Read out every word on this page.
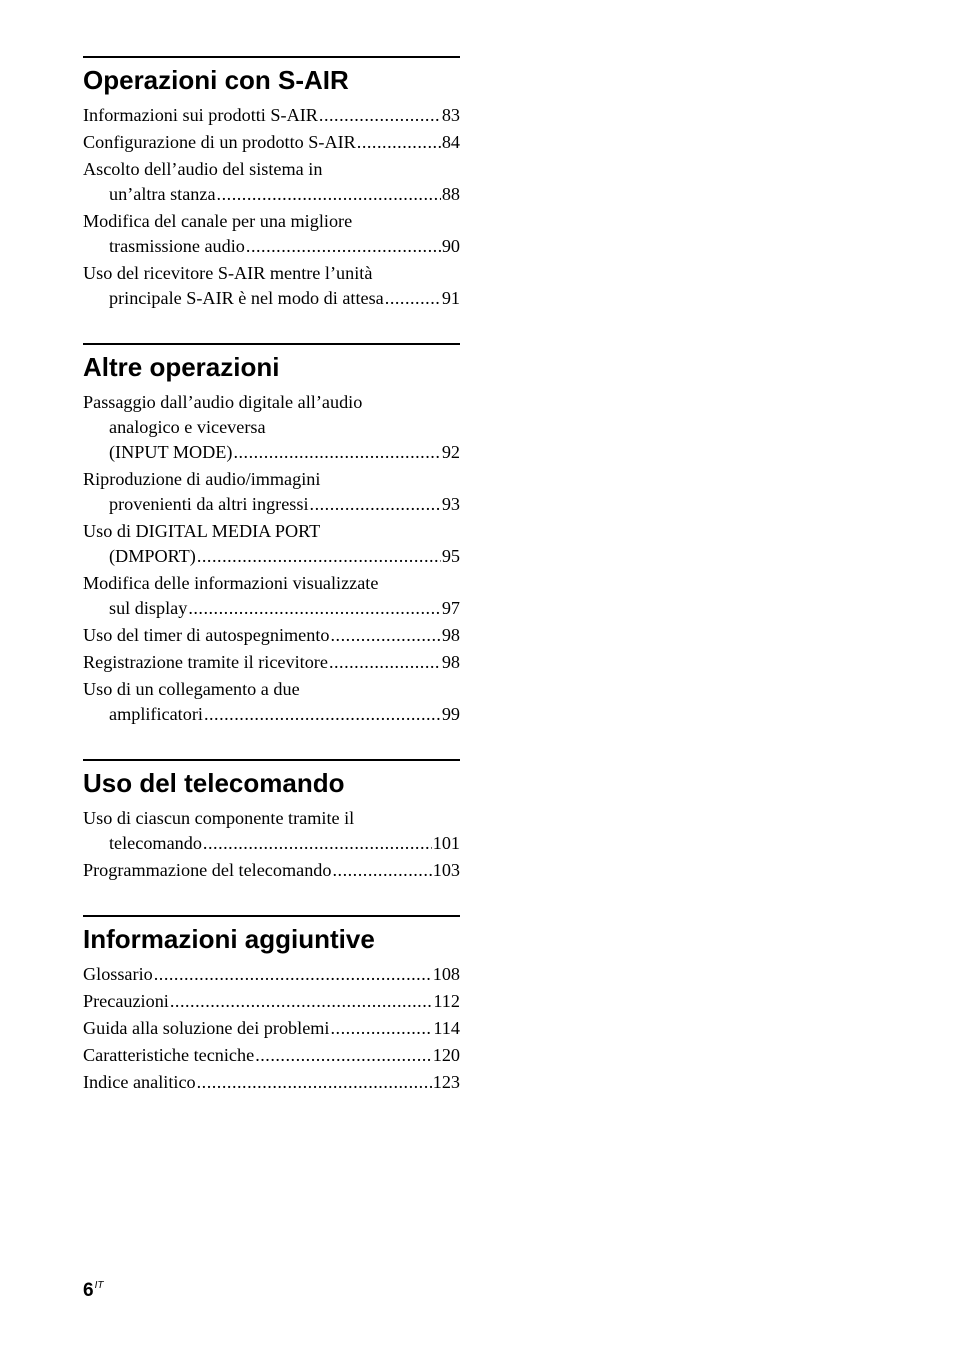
Operazioni con S-AIR
Informazioni sui prodotti S-AIR .....	83
Configurazione di un prodotto S-AIR .....	84
Ascolto dell’audio del sistema in
un’altra stanza .....	88
Modifica del canale per una migliore
trasmissione audio .....	90
Uso del ricevitore S-AIR mentre l’unità
principale S-AIR è nel modo di attesa .....	91
Altre operazioni
Passaggio dall’audio digitale all’audio
analogico e viceversa
(INPUT MODE) .....	92
Riproduzione di audio/immagini
provenienti da altri ingressi .....	93
Uso di DIGITAL MEDIA PORT
(DMPORT) .....	95
Modifica delle informazioni visualizzate
sul display .....	97
Uso del timer di autospegnimento .....	98
Registrazione tramite il ricevitore .....	98
Uso di un collegamento a due
amplificatori .....	99
Uso del telecomando
Uso di ciascun componente tramite il
telecomando .....	101
Programmazione del telecomando .....	103
Informazioni aggiuntive
Glossario .....	108
Precauzioni .....	112
Guida alla soluzione dei problemi .....	114
Caratteristiche tecniche .....	120
Indice analitico .....	123
$6^{IT}$
